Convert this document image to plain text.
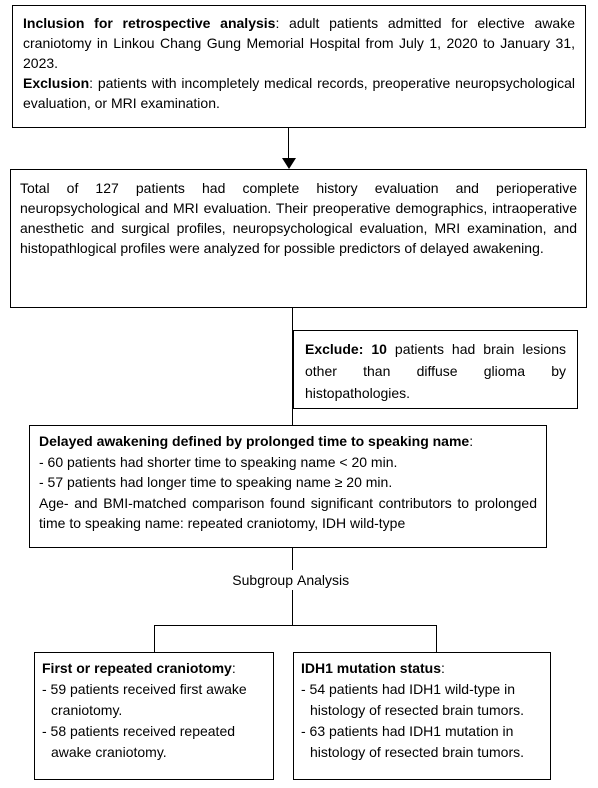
Inclusion for retrospective analysis: adult patients admitted for elective awake craniotomy in Linkou Chang Gung Memorial Hospital from July 1, 2020 to January 31, 2023.

Exclusion: patients with incompletely medical records, preoperative neuropsychological evaluation, or MRI examination.

Total of 127 patients had complete history evaluation and perioperative neuropsychological and MRI evaluation. Their preoperative demographics, intraoperative anesthetic and surgical profiles, neuropsychological evaluation, MRI examination, and histopathlogical profiles were analyzed for possible predictors of delayed awakening.

Exclude: 10 patients had brain lesions other than diffuse glioma by histopathologies.

Delayed awakening defined by prolonged time to speaking name:

- 60 patients had shorter time to speaking name < 20 min.

- 57 patients had longer time to speaking name ≥ 20 min.

Age- and BMI-matched comparison found significant contributors to prolonged time to speaking name: repeated craniotomy, IDH wild-type

Subgroup Analysis

First or repeated craniotomy:

- 59 patients received first awake craniotomy.

- 58 patients received repeated awake craniotomy.

IDH1 mutation status:

- 54 patients had IDH1 wild-type in histology of resected brain tumors.

- 63 patients had IDH1 mutation in histology of resected brain tumors.
